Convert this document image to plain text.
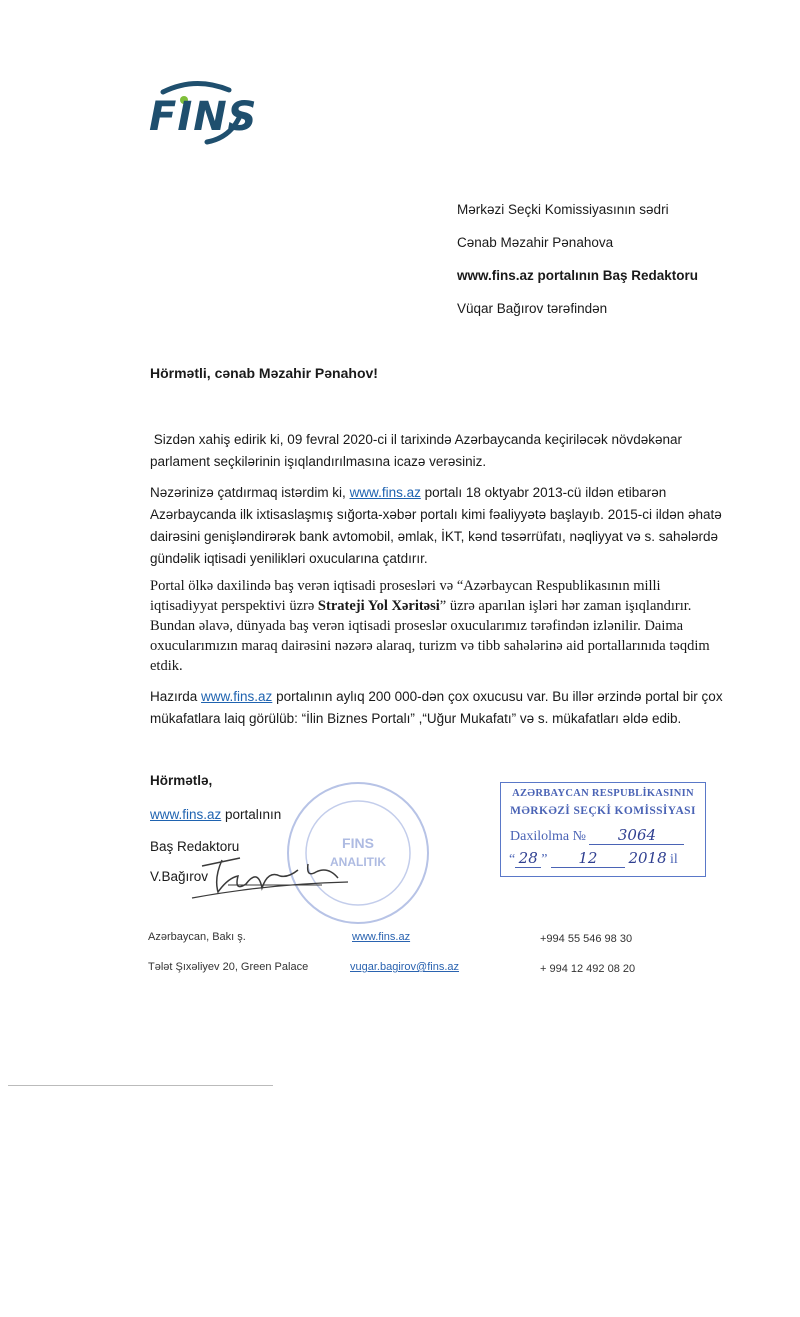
FINS
Mərkəzi Seçki Komissiyasının sədri
Cənab Məzahir Pənahova
www.fins.az portalının Baş Redaktoru
Vüqar Bağırov tərəfindən
Hörmətli, cənab Məzahir Pənahov!
Sizdən xahiş edirik ki, 09 fevral 2020-ci il tarixində Azərbaycanda keçiriləcək növdəkənar
parlament seçkilərinin işıqlandırılmasına icazə verəsiniz.
Nəzərinizə çatdırmaq istərdim ki, www.fins.az portalı 18 oktyabr 2013-cü ildən etibarən
Azərbaycanda ilk ixtisaslaşmış sığorta-xəbər portalı kimi fəaliyyətə başlayıb. 2015-ci ildən əhatə
dairəsini genişləndirərək bank avtomobil, əmlak, İKT, kənd təsərrüfatı, nəqliyyat və s. sahələrdə
gündəlik iqtisadi yenilikləri oxucularına çatdırır.
Portal ölkə daxilində baş verən iqtisadi prosesləri və “Azərbaycan Respublikasının milli
iqtisadiyyat perspektivi üzrə Strateji Yol Xəritəsi” üzrə aparılan işləri hər zaman işıqlandırır.
Bundan əlavə, dünyada baş verən iqtisadi proseslər oxucularımız tərəfindən izlənilir. Daima
oxucularımızın maraq dairəsini nəzərə alaraq, turizm və tibb sahələrinə aid portallarınıda təqdim
etdik.
Hazırda www.fins.az portalının aylıq 200 000-dən çox oxucusu var. Bu illər ərzində portal bir çox
mükafatlara laiq görülüb: “İlin Biznes Portalı” ,“Uğur Mukafatı” və s. mükafatları əldə edib.
FINS
ANALITIK
Hörmətlə,
www.fins.az portalının
Baş Redaktoru
V.Bağırov
AZƏRBAYCAN RESPUBLİKASININ
MƏRKƏZİ SEÇKİ KOMİSSİYASI
Daxilolma № 3064
“ 28 ” 12 2018 il
Azərbaycan, Bakı ş.
Tələt Şıxəliyev 20, Green Palace
www.fins.az
vugar.bagirov@fins.az
+994 55 546 98 30
+ 994 12 492 08 20
